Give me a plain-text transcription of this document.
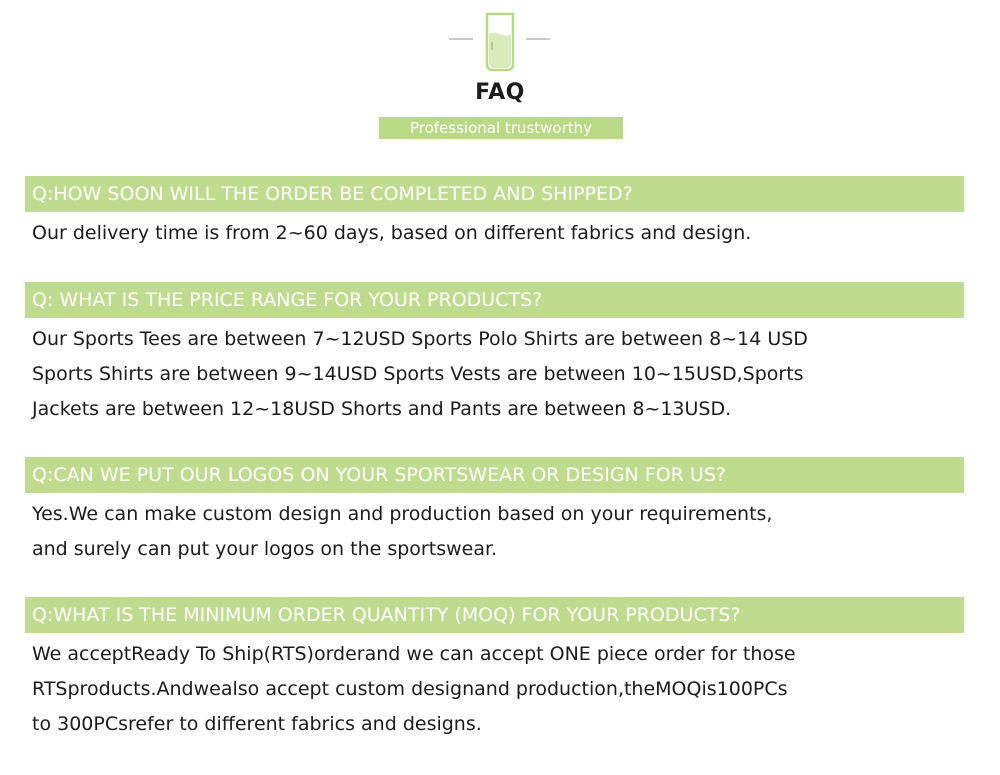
FAQ
Professional trustworthy
Q:HOW SOON WILL THE ORDER BE COMPLETED AND SHIPPED?
Our delivery time is from 2~60 days, based on different fabrics and design.
Q: WHAT IS THE PRICE RANGE FOR YOUR PRODUCTS?
Our Sports Tees are between 7~12USD Sports Polo Shirts are between 8~14 USD
Sports Shirts are between 9~14USD Sports Vests are between 10~15USD,Sports
Jackets are between 12~18USD Shorts and Pants are between 8~13USD.
Q:CAN WE PUT OUR LOGOS ON YOUR SPORTSWEAR OR DESIGN FOR US?
Yes.We can make custom design and production based on your requirements,
and surely can put your logos on the sportswear.
Q:WHAT IS THE MINIMUM ORDER QUANTITY (MOQ) FOR YOUR PRODUCTS?
We acceptReady To Ship(RTS)orderand we can accept ONE piece order for those
RTSproducts.Andwealso accept custom designand production,theMOQis100PCs
to 300PCsrefer to different fabrics and designs.
